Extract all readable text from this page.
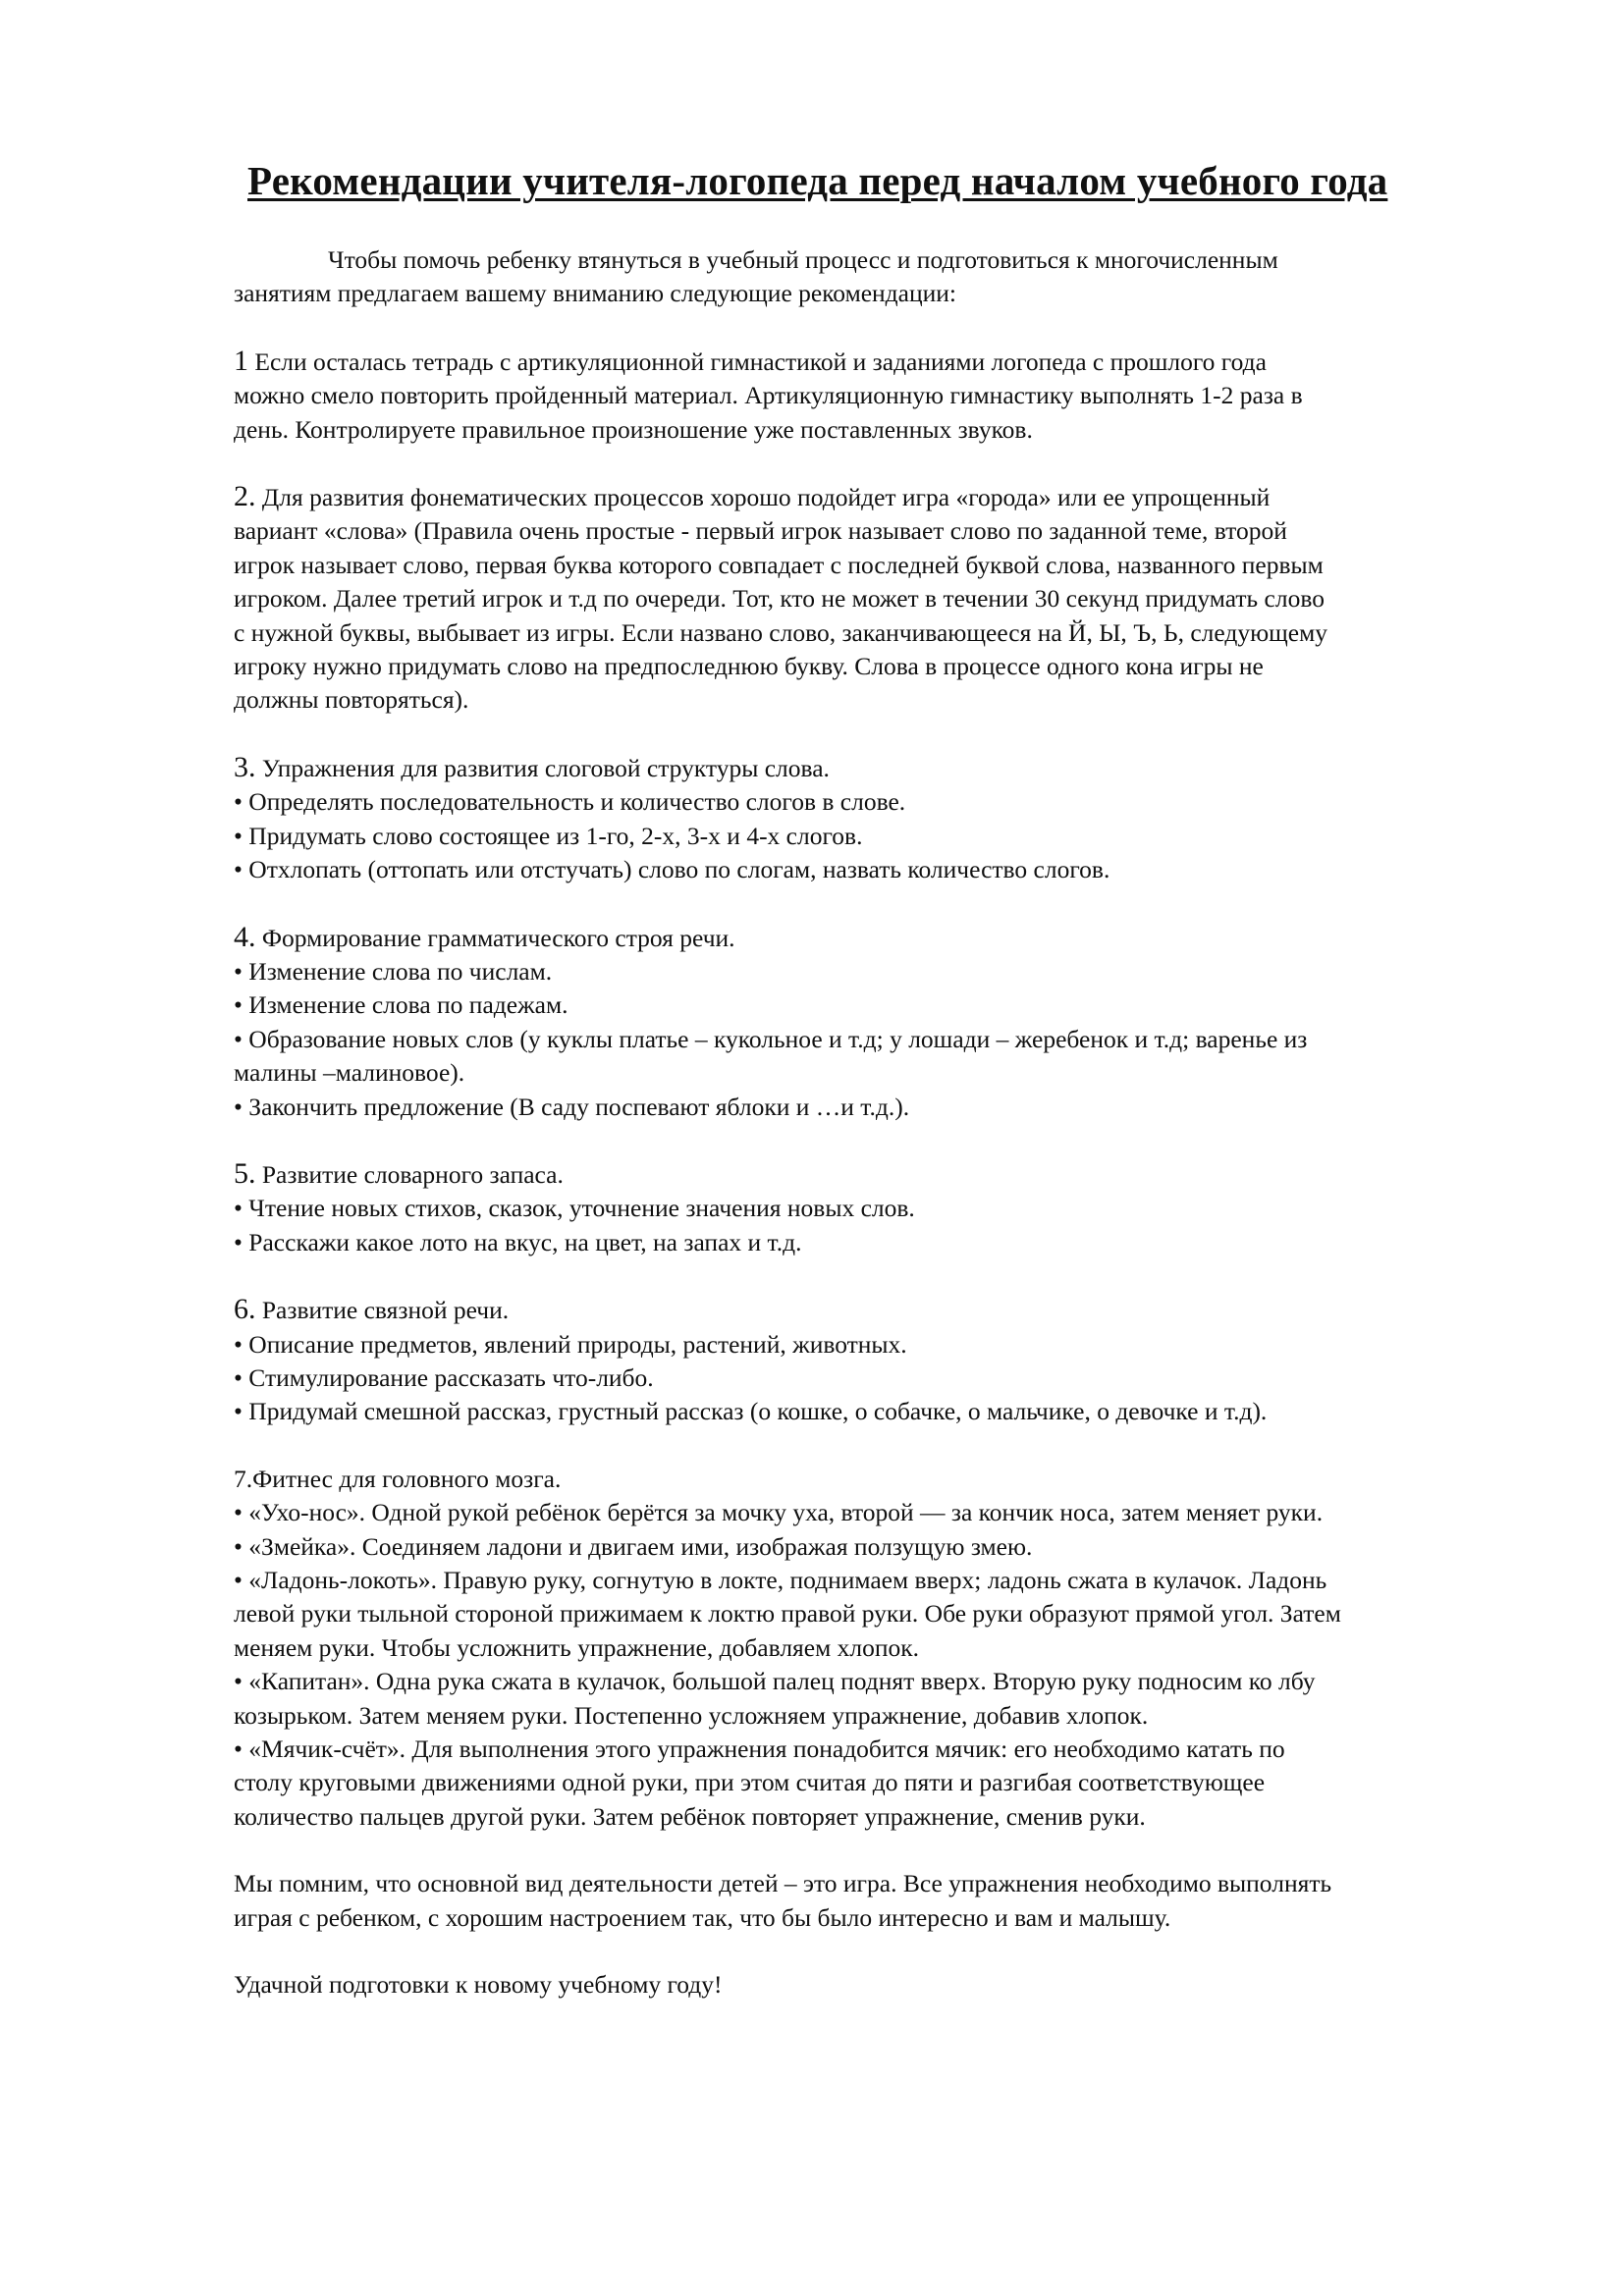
Рекомендации учителя-логопеда перед началом учебного года

Чтобы помочь ребенку втянуться в учебный процесс и подготовиться к многочисленным
занятиям предлагаем вашему вниманию следующие рекомендации:

1 Если осталась тетрадь с артикуляционной гимнастикой и заданиями логопеда с прошлого года
можно смело повторить пройденный материал. Артикуляционную гимнастику выполнять 1-2 раза в
день. Контролируете правильное произношение уже поставленных звуков.
2. Для развития фонематических процессов хорошо подойдет игра «города» или ее упрощенный
вариант «слова» (Правила очень простые - первый игрок называет слово по заданной теме, второй
игрок называет слово, первая буква которого совпадает с последней буквой слова, названного первым
игроком. Далее третий игрок и т.д по очереди. Тот, кто не может в течении 30 секунд придумать слово
с нужной буквы, выбывает из игры. Если названо слово, заканчивающееся на Й, Ы, Ъ, Ь, следующему
игроку нужно придумать слово на предпоследнюю букву. Слова в процессе одного кона игры не
должны повторяться).
3. Упражнения для развития слоговой структуры слова.
• Определять последовательность и количество слогов в слове.
• Придумать слово состоящее из 1-го, 2-х, 3-х и 4-х слогов.
• Отхлопать (оттопать или отстучать) слово по слогам, назвать количество слогов.
4. Формирование грамматического строя речи.
• Изменение слова по числам.
• Изменение слова по падежам.
• Образование новых слов (у куклы платье – кукольное и т.д; у лошади – жеребенок и т.д; варенье из
малины –малиновое).
• Закончить предложение (В саду поспевают яблоки и …и т.д.).
5. Развитие словарного запаса.
• Чтение новых стихов, сказок, уточнение значения новых слов.
• Расскажи какое лото на вкус, на цвет, на запах и т.д.
6. Развитие связной речи.
• Описание предметов, явлений природы, растений, животных.
• Стимулирование рассказать что-либо.
• Придумай смешной рассказ, грустный рассказ (о кошке, о собачке, о мальчике, о девочке и т.д).
7.Фитнес для головного мозга.
• «Ухо-нос». Одной рукой ребёнок берётся за мочку уха, второй — за кончик носа, затем меняет руки.
• «Змейка». Соединяем ладони и двигаем ими, изображая ползущую змею.
• «Ладонь-локоть». Правую руку, согнутую в локте, поднимаем вверх; ладонь сжата в кулачок. Ладонь
левой руки тыльной стороной прижимаем к локтю правой руки. Обе руки образуют прямой угол. Затем
меняем руки. Чтобы усложнить упражнение, добавляем хлопок.
• «Капитан». Одна рука сжата в кулачок, большой палец поднят вверх. Вторую руку подносим ко лбу
козырьком. Затем меняем руки. Постепенно усложняем упражнение, добавив хлопок.
• «Мячик-счёт». Для выполнения этого упражнения понадобится мячик: его необходимо катать по
столу круговыми движениями одной руки, при этом считая до пяти и разгибая соответствующее
количество пальцев другой руки. Затем ребёнок повторяет упражнение, сменив руки.

Мы помним, что основной вид деятельности детей – это игра. Все упражнения необходимо выполнять
играя с ребенком, с хорошим настроением так, что бы было интересно и вам и малышу.

Удачной подготовки к новому учебному году!
